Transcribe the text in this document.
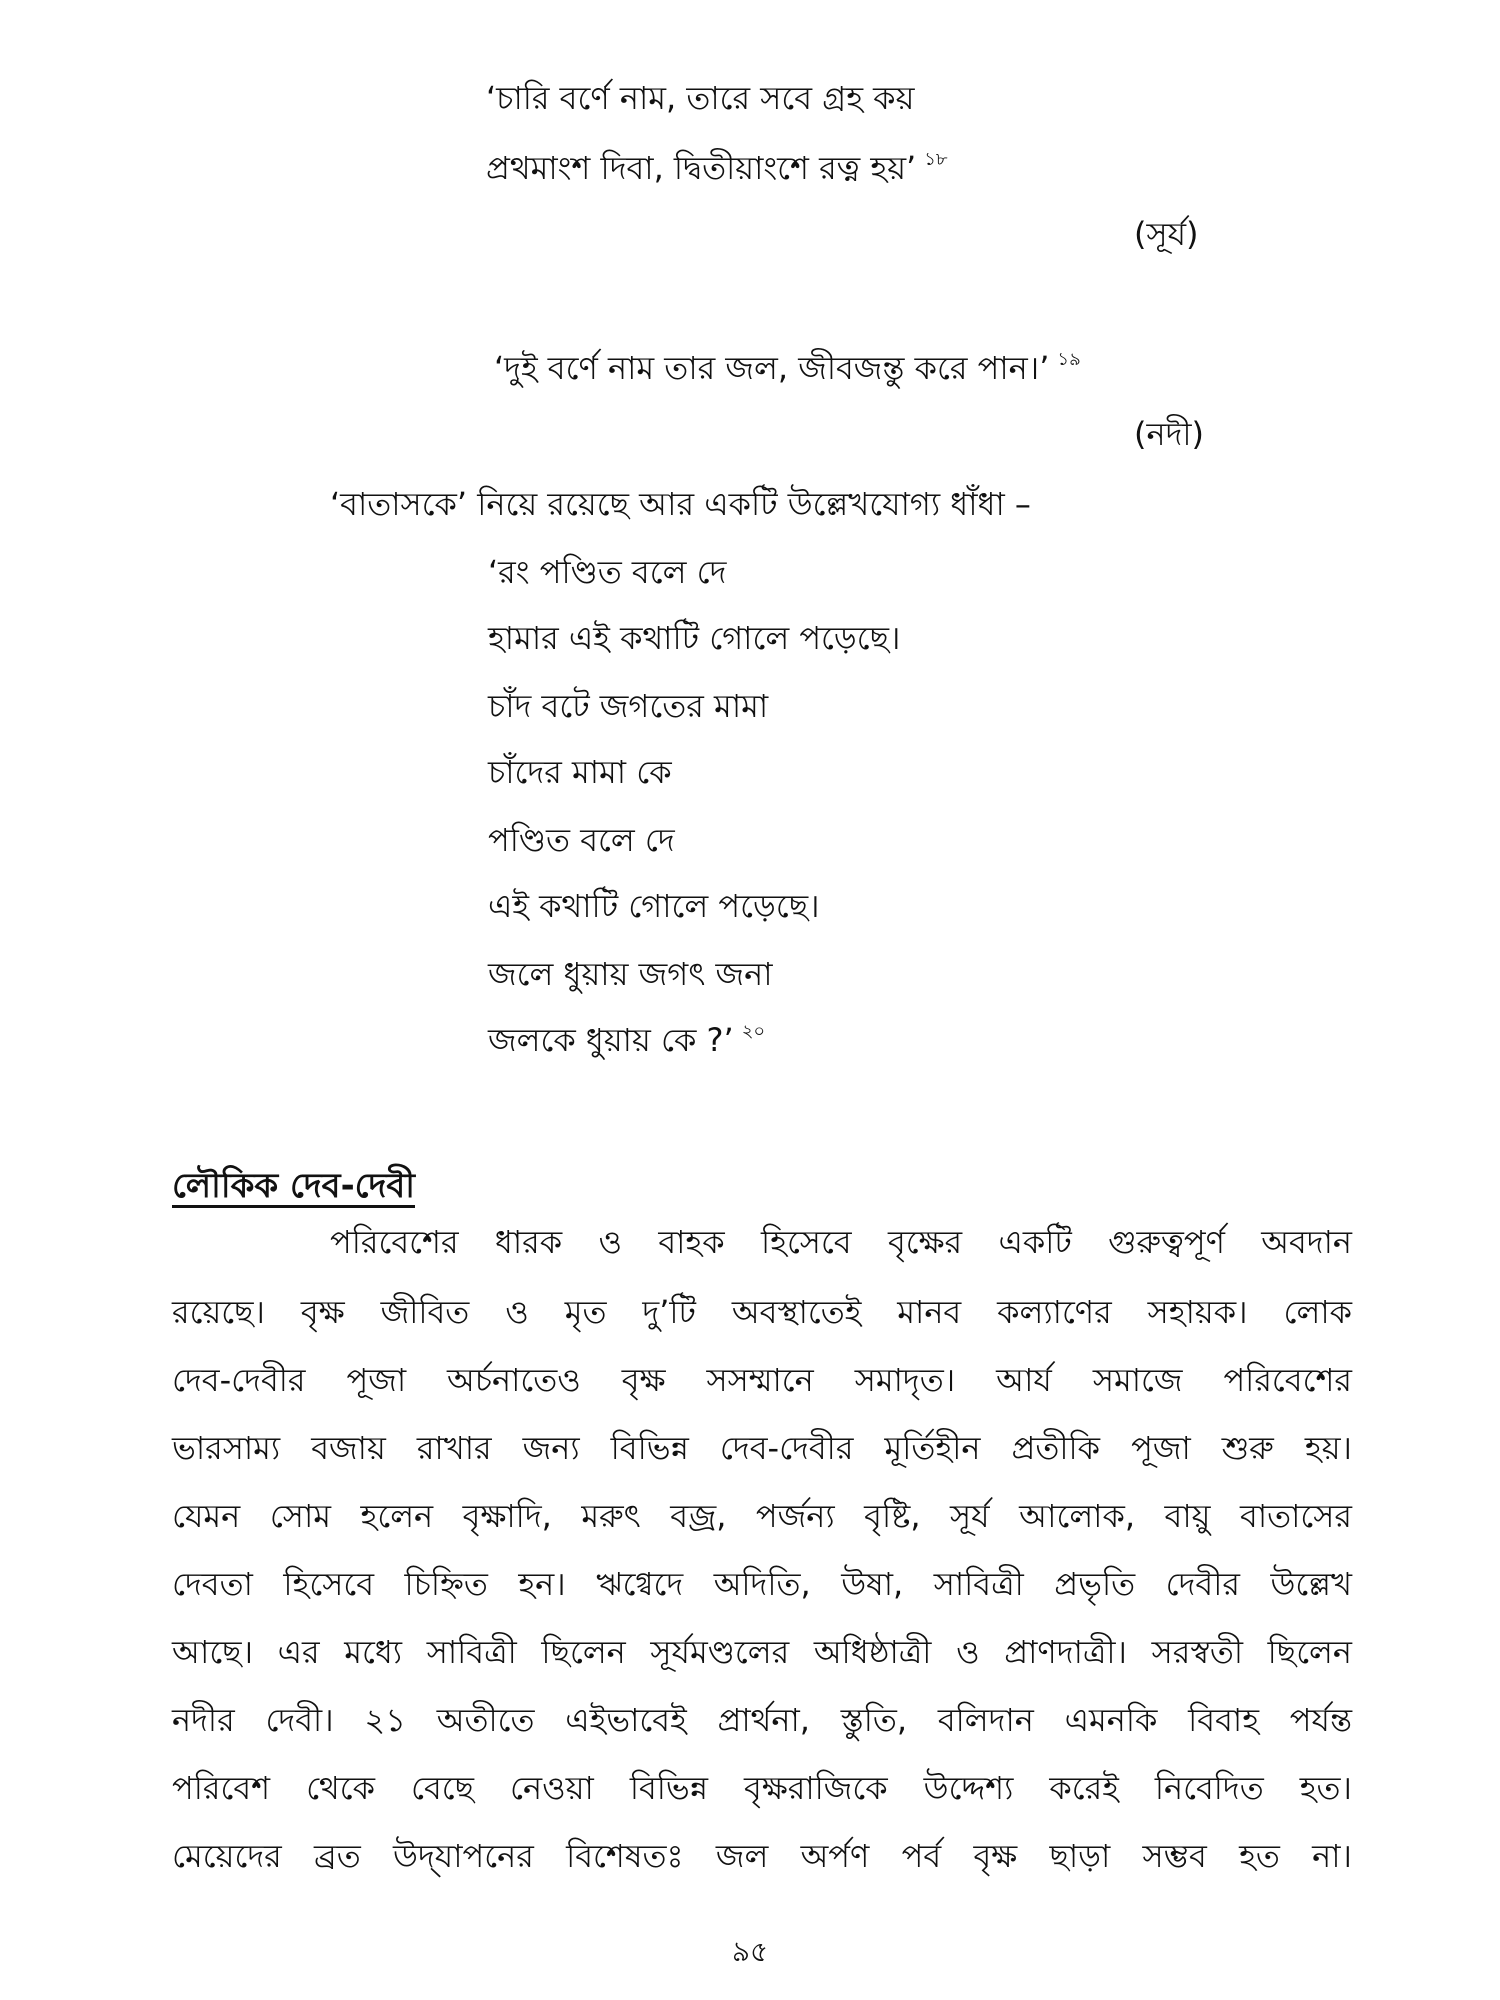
‘চারি বর্ণে নাম, তারে সবে গ্রহ কয়
প্রথমাংশ দিবা, দ্বিতীয়াংশে রত্ন হয়’ $^{১৮}$
(সূর্য)
‘দুই বর্ণে নাম তার জল, জীবজন্তু করে পান।’ $^{১৯}$
(নদী)
‘বাতাসকে’ নিয়ে রয়েছে আর একটি উল্লেখযোগ্য ধাঁধা –
‘রং পণ্ডিত বলে দে
হামার এই কথাটি গোলে পড়েছে।
চাঁদ বটে জগতের মামা
চাঁদের মামা কে
পণ্ডিত বলে দে
এই কথাটি গোলে পড়েছে।
জলে ধুয়ায় জগৎ জনা
জলকে ধুয়ায় কে ?’ $^{২০}$
লৌকিক দেব-দেবী
পরিবেশের ধারক ও বাহক হিসেবে বৃক্ষের একটি গুরুত্বপূর্ণ অবদান
রয়েছে। বৃক্ষ জীবিত ও মৃত দু’টি অবস্থাতেই মানব কল্যাণের সহায়ক। লোক
দেব-দেবীর পূজা অর্চনাতেও বৃক্ষ সসম্মানে সমাদৃত। আর্য সমাজে পরিবেশের
ভারসাম্য বজায় রাখার জন্য বিভিন্ন দেব-দেবীর মূর্তিহীন প্রতীকি পূজা শুরু হয়।
যেমন সোম হলেন বৃক্ষাদি, মরুৎ বজ্র, পর্জন্য বৃষ্টি, সূর্য আলোক, বায়ু বাতাসের
দেবতা হিসেবে চিহ্নিত হন। ঋগ্বেদে অদিতি, উষা, সাবিত্রী প্রভৃতি দেবীর উল্লেখ
আছে। এর মধ্যে সাবিত্রী ছিলেন সূর্যমণ্ডলের অধিষ্ঠাত্রী ও প্রাণদাত্রী। সরস্বতী ছিলেন
নদীর দেবী। ২১ অতীতে এইভাবেই প্রার্থনা, স্তুতি, বলিদান এমনকি বিবাহ পর্যন্ত
পরিবেশ থেকে বেছে নেওয়া বিভিন্ন বৃক্ষরাজিকে উদ্দেশ্য করেই নিবেদিত হত।
মেয়েদের ব্রত উদ্‌যাপনের বিশেষতঃ জল অর্পণ পর্ব বৃক্ষ ছাড়া সম্ভব হত না।
৯৫
